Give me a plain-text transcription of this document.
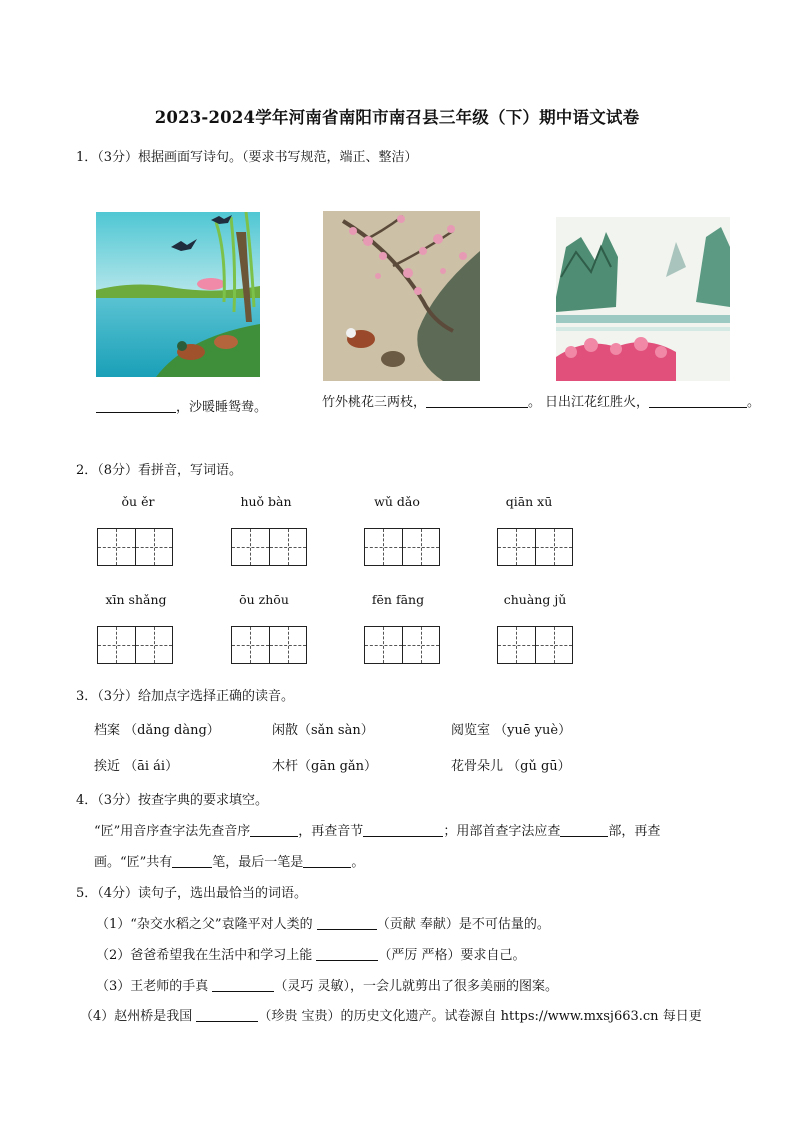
2023-2024学年河南省南阳市南召县三年级（下）期中语文试卷
1．（3分）根据画面写诗句。（要求书写规范，端正、整洁）
，沙暖睡鸳鸯。	竹外桃花三两枝，	。 日出江花红胜火，	。
2．（8分）看拼音，写词语。
ǒu ěr	huǒ bàn	wǔ dǎo	qiān xū
xīn shǎng	ōu zhōu	fēn fāng	chuàng jǔ
3．（3分）给加点字选择正确的读音。
档案 （dǎng dàng）	闲散（sǎn sàn）	阅览室 （yuē yuè）
挨近 （āi ái）	木杆（gān gǎn）	花骨朵儿 （gǔ gū）
4．（3分）按查字典的要求填空。
“匠”用音序查字法先查音序	，再查音节	；用部首查字法应查	部，再查
画。“匠”共有	笔，最后一笔是	。
5．（4分）读句子，选出最恰当的词语。
（1）“杂交水稻之父”袁隆平对人类的	（贡献 奉献）是不可估量的。
（2）爸爸希望我在生活中和学习上能	（严厉 严格）要求自己。
（3）王老师的手真	（灵巧 灵敏），一会儿就剪出了很多美丽的图案。
（4）赵州桥是我国	（珍贵 宝贵）的历史文化遗产。试卷源自 https://www.mxsj663.cn 每日更
